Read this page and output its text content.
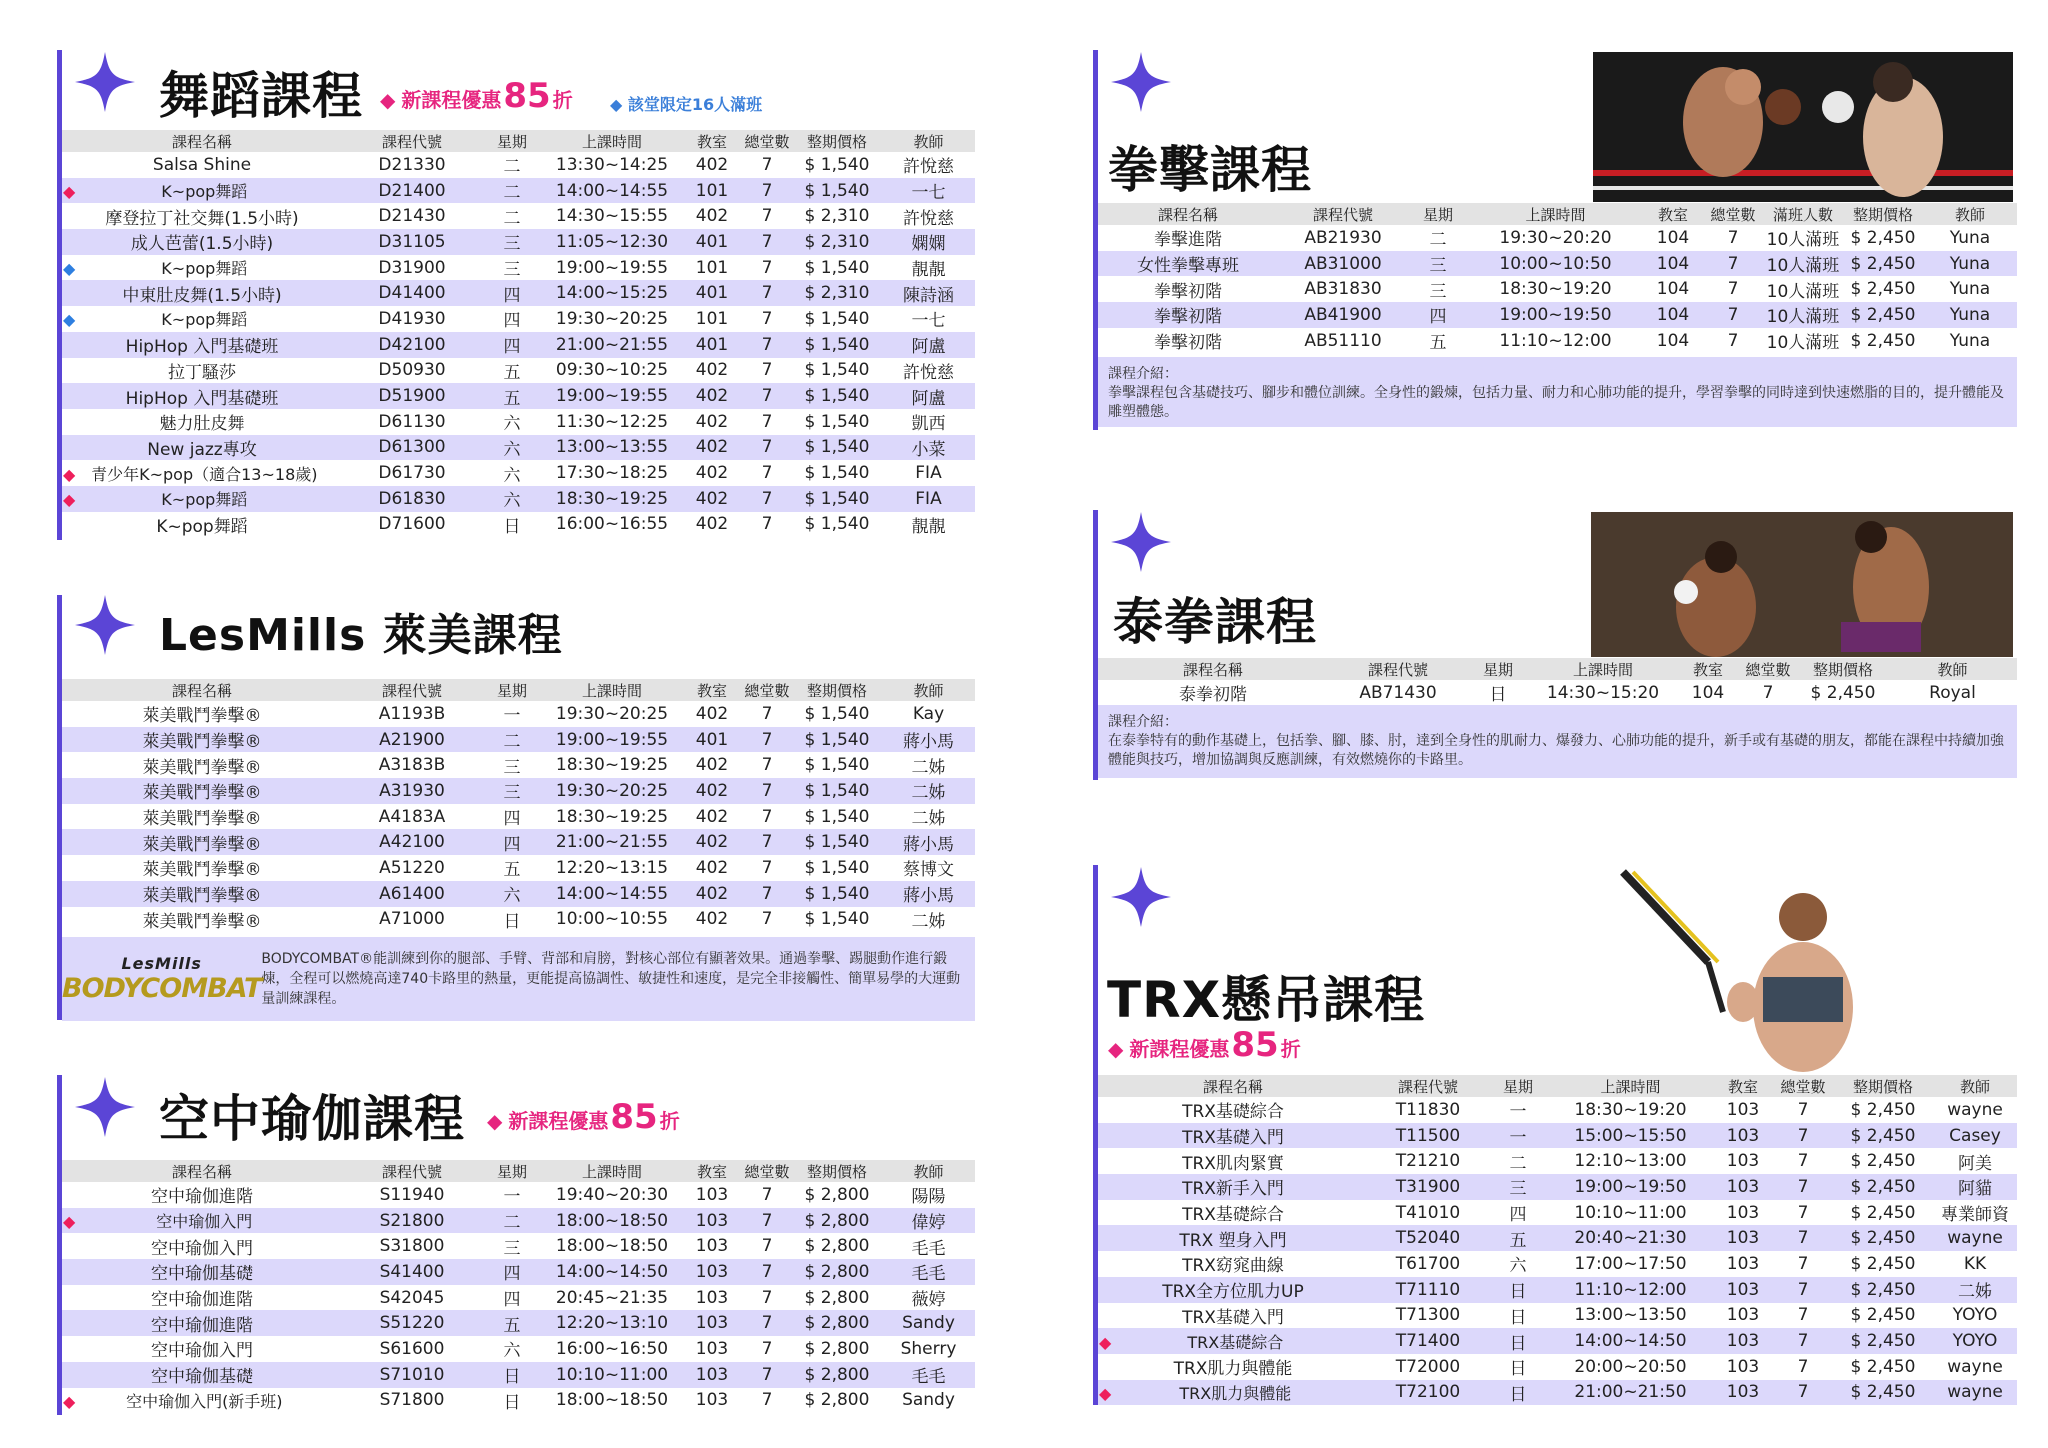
舞蹈課程 ◆ 新課程優惠 85 折 ◆ 該堂限定16人滿班
課程名稱	課程代號	星期	上課時間	教室	總堂數	整期價格	教師
Salsa Shine	D21330	二	13:30~14:25	402	7	$ 1,540	許悅慈
◆ K~pop舞蹈	D21400	二	14:00~14:55	101	7	$ 1,540	一七
摩登拉丁社交舞(1.5小時)	D21430	二	14:30~15:55	402	7	$ 2,310	許悅慈
成人芭蕾(1.5小時)	D31105	三	11:05~12:30	401	7	$ 2,310	嫻嫻
◆ K~pop舞蹈	D31900	三	19:00~19:55	101	7	$ 1,540	靚靚
中東肚皮舞(1.5小時)	D41400	四	14:00~15:25	401	7	$ 2,310	陳詩涵
◆ K~pop舞蹈	D41930	四	19:30~20:25	101	7	$ 1,540	一七
HipHop 入門基礎班	D42100	四	21:00~21:55	401	7	$ 1,540	阿盧
拉丁騷莎	D50930	五	09:30~10:25	402	7	$ 1,540	許悅慈
HipHop 入門基礎班	D51900	五	19:00~19:55	402	7	$ 1,540	阿盧
魅力肚皮舞	D61130	六	11:30~12:25	402	7	$ 1,540	凱西
New jazz專攻	D61300	六	13:00~13:55	402	7	$ 1,540	小菜
◆ 青少年K~pop（適合13~18歲)	D61730	六	17:30~18:25	402	7	$ 1,540	FIA
◆ K~pop舞蹈	D61830	六	18:30~19:25	402	7	$ 1,540	FIA
K~pop舞蹈	D71600	日	16:00~16:55	402	7	$ 1,540	靚靚
LesMills 萊美課程
課程名稱	課程代號	星期	上課時間	教室	總堂數	整期價格	教師
萊美戰鬥拳擊®	A1193B	一	19:30~20:25	402	7	$ 1,540	Kay
萊美戰鬥拳擊®	A21900	二	19:00~19:55	401	7	$ 1,540	蔣小馬
萊美戰鬥拳擊®	A3183B	三	18:30~19:25	402	7	$ 1,540	二姊
萊美戰鬥拳擊®	A31930	三	19:30~20:25	402	7	$ 1,540	二姊
萊美戰鬥拳擊®	A4183A	四	18:30~19:25	402	7	$ 1,540	二姊
萊美戰鬥拳擊®	A42100	四	21:00~21:55	402	7	$ 1,540	蔣小馬
萊美戰鬥拳擊®	A51220	五	12:20~13:15	402	7	$ 1,540	蔡博文
萊美戰鬥拳擊®	A61400	六	14:00~14:55	402	7	$ 1,540	蔣小馬
萊美戰鬥拳擊®	A71000	日	10:00~10:55	402	7	$ 1,540	二姊
LesMills
BODYCOMBAT
BODYCOMBAT®能訓練到你的腿部、手臂、背部和肩膀，對核心部位有顯著效果。通過拳擊、踢腿動作進行鍛煉，全程可以燃燒高達740卡路里的熱量，更能提高協調性、敏捷性和速度，是完全非接觸性、簡單易學的大運動量訓練課程。
空中瑜伽課程 ◆ 新課程優惠 85 折
課程名稱	課程代號	星期	上課時間	教室	總堂數	整期價格	教師
空中瑜伽進階	S11940	一	19:40~20:30	103	7	$ 2,800	陽陽
◆ 空中瑜伽入門	S21800	二	18:00~18:50	103	7	$ 2,800	偉婷
空中瑜伽入門	S31800	三	18:00~18:50	103	7	$ 2,800	毛毛
空中瑜伽基礎	S41400	四	14:00~14:50	103	7	$ 2,800	毛毛
空中瑜伽進階	S42045	四	20:45~21:35	103	7	$ 2,800	薇婷
空中瑜伽進階	S51220	五	12:20~13:10	103	7	$ 2,800	Sandy
空中瑜伽入門	S61600	六	16:00~16:50	103	7	$ 2,800	Sherry
空中瑜伽基礎	S71010	日	10:10~11:00	103	7	$ 2,800	毛毛
◆ 空中瑜伽入門(新手班)	S71800	日	18:00~18:50	103	7	$ 2,800	Sandy
拳擊課程
課程名稱	課程代號	星期	上課時間	教室	總堂數	滿班人數	整期價格	教師
拳擊進階	AB21930	二	19:30~20:20	104	7	10人滿班	$ 2,450	Yuna
女性拳擊專班	AB31000	三	10:00~10:50	104	7	10人滿班	$ 2,450	Yuna
拳擊初階	AB31830	三	18:30~19:20	104	7	10人滿班	$ 2,450	Yuna
拳擊初階	AB41900	四	19:00~19:50	104	7	10人滿班	$ 2,450	Yuna
拳擊初階	AB51110	五	11:10~12:00	104	7	10人滿班	$ 2,450	Yuna
課程介紹：
拳擊課程包含基礎技巧、腳步和體位訓練。全身性的鍛煉，包括力量、耐力和心肺功能的提升，學習拳擊的同時達到快速燃脂的目的，提升體能及雕塑體態。
泰拳課程
課程名稱	課程代號	星期	上課時間	教室	總堂數	整期價格	教師
泰拳初階	AB71430	日	14:30~15:20	104	7	$ 2,450	Royal
課程介紹：
在泰拳特有的動作基礎上，包括拳、腳、膝、肘，達到全身性的肌耐力、爆發力、心肺功能的提升，新手或有基礎的朋友，都能在課程中持續加強體能與技巧，增加協調與反應訓練，有效燃燒你的卡路里。
TRX懸吊課程
◆ 新課程優惠 85 折
課程名稱	課程代號	星期	上課時間	教室	總堂數	整期價格	教師
TRX基礎綜合	T11830	一	18:30~19:20	103	7	$ 2,450	wayne
TRX基礎入門	T11500	一	15:00~15:50	103	7	$ 2,450	Casey
TRX肌肉緊實	T21210	二	12:10~13:00	103	7	$ 2,450	阿美
TRX新手入門	T31900	三	19:00~19:50	103	7	$ 2,450	阿貓
TRX基礎綜合	T41010	四	10:10~11:00	103	7	$ 2,450	專業師資
TRX 塑身入門	T52040	五	20:40~21:30	103	7	$ 2,450	wayne
TRX窈窕曲線	T61700	六	17:00~17:50	103	7	$ 2,450	KK
TRX全方位肌力UP	T71110	日	11:10~12:00	103	7	$ 2,450	二姊
TRX基礎入門	T71300	日	13:00~13:50	103	7	$ 2,450	YOYO
◆ TRX基礎綜合	T71400	日	14:00~14:50	103	7	$ 2,450	YOYO
TRX肌力與體能	T72000	日	20:00~20:50	103	7	$ 2,450	wayne
◆ TRX肌力與體能	T72100	日	21:00~21:50	103	7	$ 2,450	wayne
